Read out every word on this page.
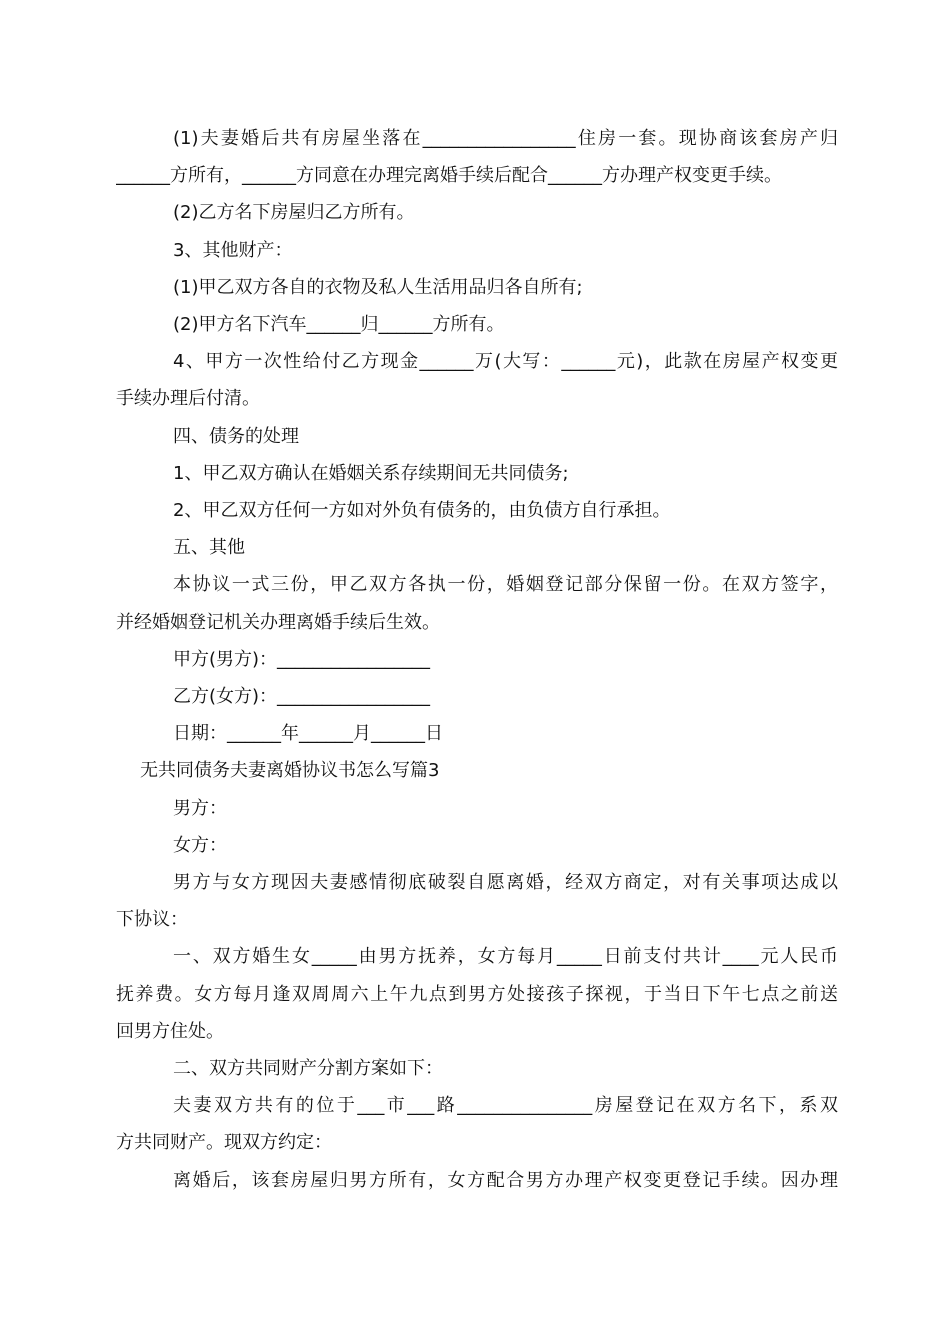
(1)夫妻婚后共有房屋坐落在_________________住房一套。现协商该套房产归

______方所有，______方同意在办理完离婚手续后配合______方办理产权变更手续。

(2)乙方名下房屋归乙方所有。

3、其他财产：

(1)甲乙双方各自的衣物及私人生活用品归各自所有;

(2)甲方名下汽车______归______方所有。

4、甲方一次性给付乙方现金______万(大写：______元)，此款在房屋产权变更

手续办理后付清。

四、债务的处理

1、甲乙双方确认在婚姻关系存续期间无共同债务;

2、甲乙双方任何一方如对外负有债务的，由负债方自行承担。

五、其他

本协议一式三份，甲乙双方各执一份，婚姻登记部分保留一份。在双方签字，

并经婚姻登记机关办理离婚手续后生效。

甲方(男方)：_________________

乙方(女方)：_________________

日期：______年______月______日

无共同债务夫妻离婚协议书怎么写篇3

男方：

女方：

男方与女方现因夫妻感情彻底破裂自愿离婚，经双方商定，对有关事项达成以

下协议：

一、双方婚生女_____由男方抚养，女方每月_____日前支付共计____元人民币

抚养费。女方每月逢双周周六上午九点到男方处接孩子探视，于当日下午七点之前送

回男方住处。

二、双方共同财产分割方案如下：

夫妻双方共有的位于___市___路_______________房屋登记在双方名下，系双

方共同财产。现双方约定：

离婚后，该套房屋归男方所有，女方配合男方办理产权变更登记手续。因办理
